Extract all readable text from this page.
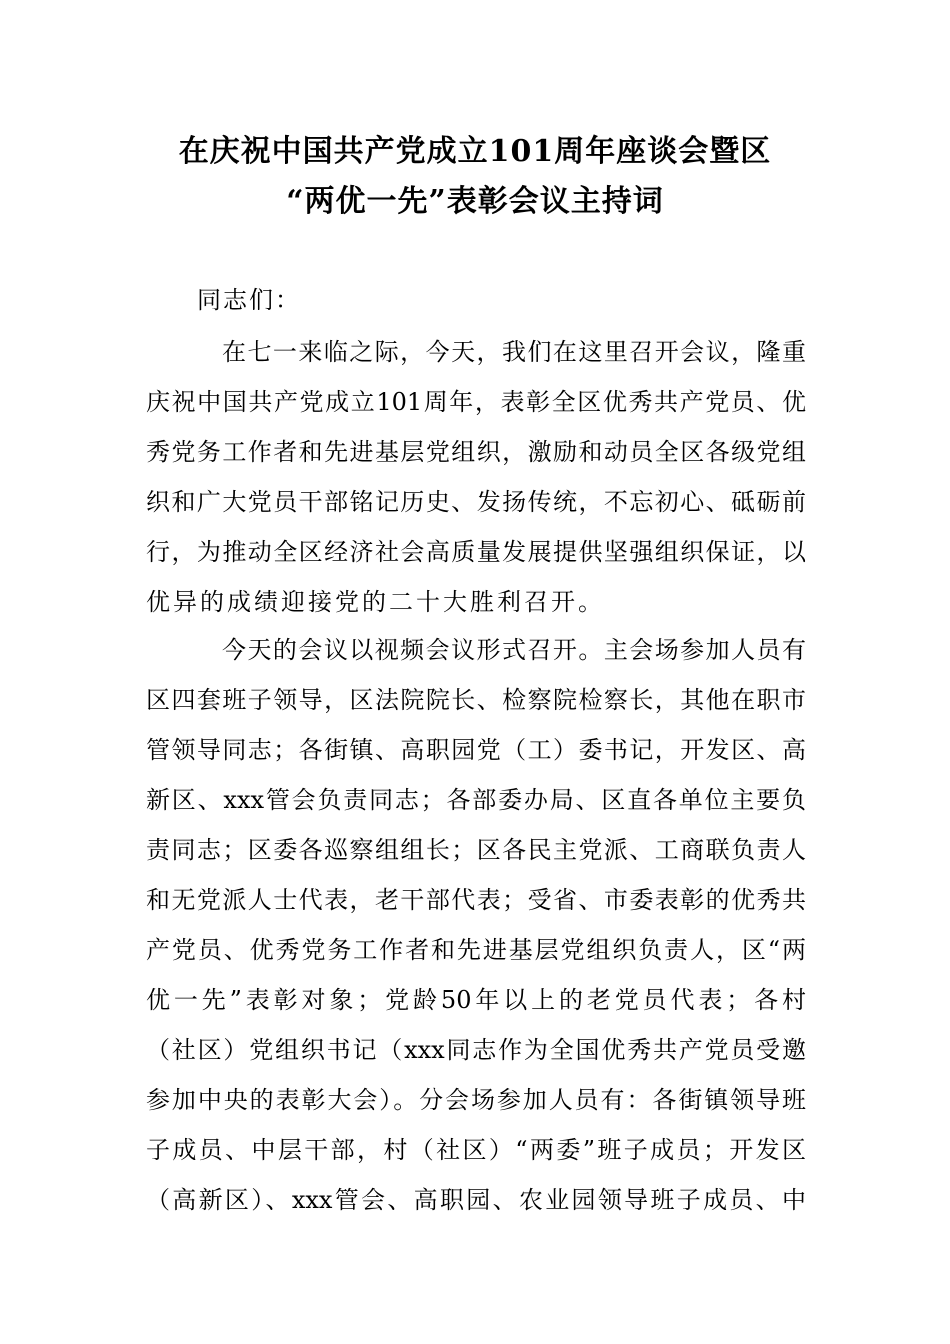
在庆祝中国共产党成立101周年座谈会暨区
“两优一先”表彰会议主持词
同志们：
在七一来临之际，今天，我们在这里召开会议，隆重
庆祝中国共产党成立101周年，表彰全区优秀共产党员、优
秀党务工作者和先进基层党组织，激励和动员全区各级党组
织和广大党员干部铭记历史、发扬传统，不忘初心、砥砺前
行，为推动全区经济社会高质量发展提供坚强组织保证，以
优异的成绩迎接党的二十大胜利召开。
今天的会议以视频会议形式召开。主会场参加人员有
区四套班子领导，区法院院长、检察院检察长，其他在职市
管领导同志；各街镇、高职园党（工）委书记，开发区、高
新区、xxx管会负责同志；各部委办局、区直各单位主要负
责同志；区委各巡察组组长；区各民主党派、工商联负责人
和无党派人士代表，老干部代表；受省、市委表彰的优秀共
产党员、优秀党务工作者和先进基层党组织负责人，区“两
优一先”表彰对象；党龄50年以上的老党员代表；各村
（社区）党组织书记（xxx同志作为全国优秀共产党员受邀
参加中央的表彰大会）。分会场参加人员有：各街镇领导班
子成员、中层干部，村（社区）“两委”班子成员；开发区
（高新区）、xxx管会、高职园、农业园领导班子成员、中
